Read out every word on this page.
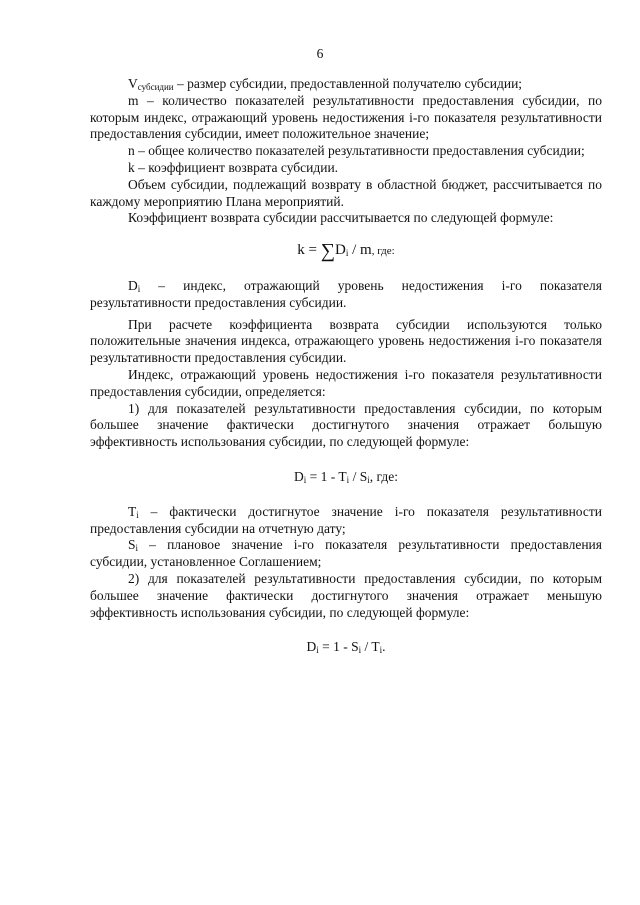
6

$V_{субсидии}$ – размер субсидии, предоставленной получателю субсидии;

m – количество показателей результативности предоставления субсидии, по которым индекс, отражающий уровень недостижения i-го показателя результативности предоставления субсидии, имеет положительное значение;

n – общее количество показателей результативности предоставления субсидии;

k – коэффициент возврата субсидии.

Объем субсидии, подлежащий возврату в областной бюджет, рассчитывается по каждому мероприятию Плана мероприятий.

Коэффициент возврата субсидии рассчитывается по следующей формуле:

$k = \sum D_i / m$, где:

$D_i$ – индекс, отражающий уровень недостижения i-го показателя результативности предоставления субсидии.

При расчете коэффициента возврата субсидии используются только положительные значения индекса, отражающего уровень недостижения i-го показателя результативности предоставления субсидии.

Индекс, отражающий уровень недостижения i-го показателя результативности предоставления субсидии, определяется:

1) для показателей результативности предоставления субсидии, по которым большее значение фактически достигнутого значения отражает большую эффективность использования субсидии, по следующей формуле:

$D_i = 1 - T_i / S_i$, где:

$T_i$ – фактически достигнутое значение i-го показателя результативности предоставления субсидии на отчетную дату;

$S_i$ – плановое значение i-го показателя результативности предоставления субсидии, установленное Соглашением;

2) для показателей результативности предоставления субсидии, по которым большее значение фактически достигнутого значения отражает меньшую эффективность использования субсидии, по следующей формуле:

$D_i = 1 - S_i / T_i$.
